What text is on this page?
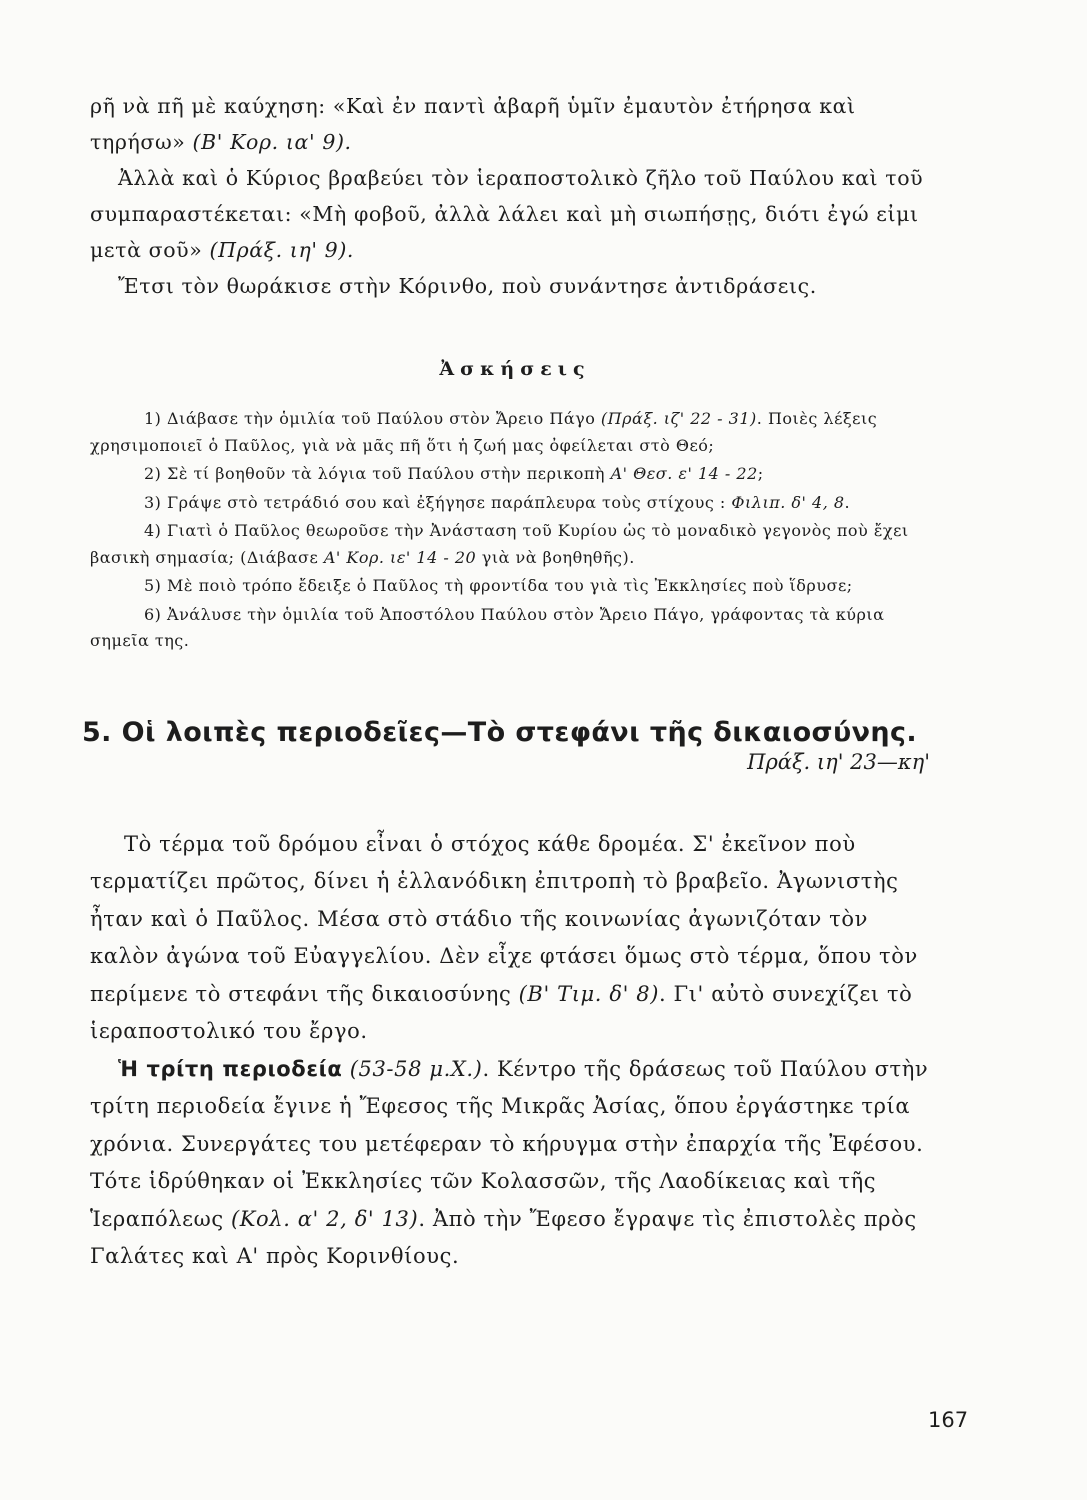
ρῆ νὰ πῆ μὲ καύχηση: «Καὶ ἐν παντὶ ἀβαρῆ ὑμῖν ἐμαυτὸν ἐτήρησα καὶ τηρήσω» (Β' Κορ. ια' 9).

Ἀλλὰ καὶ ὁ Κύριος βραβεύει τὸν ἱεραποστολικὸ ζῆλο τοῦ Παύλου καὶ τοῦ συμπαραστέκεται: «Μὴ φοβοῦ, ἀλλὰ λάλει καὶ μὴ σιωπήσῃς, διότι ἐγώ εἰμι μετὰ σοῦ» (Πράξ. ιη' 9).

Ἔτσι τὸν θωράκισε στὴν Κόρινθο, ποὺ συνάντησε ἀντιδράσεις.

Ἀσκήσεις

1) Διάβασε τὴν ὁμιλία τοῦ Παύλου στὸν Ἄρειο Πάγο (Πράξ. ιζ' 22 - 31). Ποιὲς λέξεις χρησιμοποιεῖ ὁ Παῦλος, γιὰ νὰ μᾶς πῆ ὅτι ἡ ζωή μας ὀφείλεται στὸ Θεό;

2) Σὲ τί βοηθοῦν τὰ λόγια τοῦ Παύλου στὴν περικοπὴ Α' Θεσ. ε' 14 - 22;

3) Γράψε στὸ τετράδιό σου καὶ ἐξήγησε παράπλευρα τοὺς στίχους : Φιλιπ. δ' 4, 8.

4) Γιατὶ ὁ Παῦλος θεωροῦσε τὴν Ἀνάσταση τοῦ Κυρίου ὡς τὸ μοναδικὸ γεγονὸς ποὺ ἔχει βασικὴ σημασία; (Διάβασε Α' Κορ. ιε' 14 - 20 γιὰ νὰ βοηθηθῆς).

5) Μὲ ποιὸ τρόπο ἔδειξε ὁ Παῦλος τὴ φροντίδα του γιὰ τὶς Ἐκκλησίες ποὺ ἵδρυσε;

6) Ἀνάλυσε τὴν ὁμιλία τοῦ Ἀποστόλου Παύλου στὸν Ἄρειο Πάγο, γράφοντας τὰ κύρια σημεῖα της.

5. Οἱ λοιπὲς περιοδεῖες—Τὸ στεφάνι τῆς δικαιοσύνης.
Πράξ. ιη' 23—κη'

Τὸ τέρμα τοῦ δρόμου εἶναι ὁ στόχος κάθε δρομέα. Σ' ἐκεῖνον ποὺ τερματίζει πρῶτος, δίνει ἡ ἑλλανόδικη ἐπιτροπὴ τὸ βραβεῖο. Ἀγωνιστὴς ἦταν καὶ ὁ Παῦλος. Μέσα στὸ στάδιο τῆς κοινωνίας ἀγωνιζόταν τὸν καλὸν ἀγώνα τοῦ Εὐαγγελίου. Δὲν εἶχε φτάσει ὅμως στὸ τέρμα, ὅπου τὸν περίμενε τὸ στεφάνι τῆς δικαιοσύνης (Β' Τιμ. δ' 8). Γι' αὐτὸ συνεχίζει τὸ ἱεραποστολικό του ἔργο.

Ἡ τρίτη περιοδεία (53-58 μ.Χ.). Κέντρο τῆς δράσεως τοῦ Παύλου στὴν τρίτη περιοδεία ἔγινε ἡ Ἔφεσος τῆς Μικρᾶς Ἀσίας, ὅπου ἐργάστηκε τρία χρόνια. Συνεργάτες του μετέφεραν τὸ κήρυγμα στὴν ἐπαρχία τῆς Ἐφέσου. Τότε ἱδρύθηκαν οἱ Ἐκκλησίες τῶν Κολασσῶν, τῆς Λαοδίκειας καὶ τῆς Ἱεραπόλεως (Κολ. α' 2, δ' 13). Ἀπὸ τὴν Ἔφεσο ἔγραψε τὶς ἐπιστολὲς πρὸς Γαλάτες καὶ Α' πρὸς Κορινθίους.

167
